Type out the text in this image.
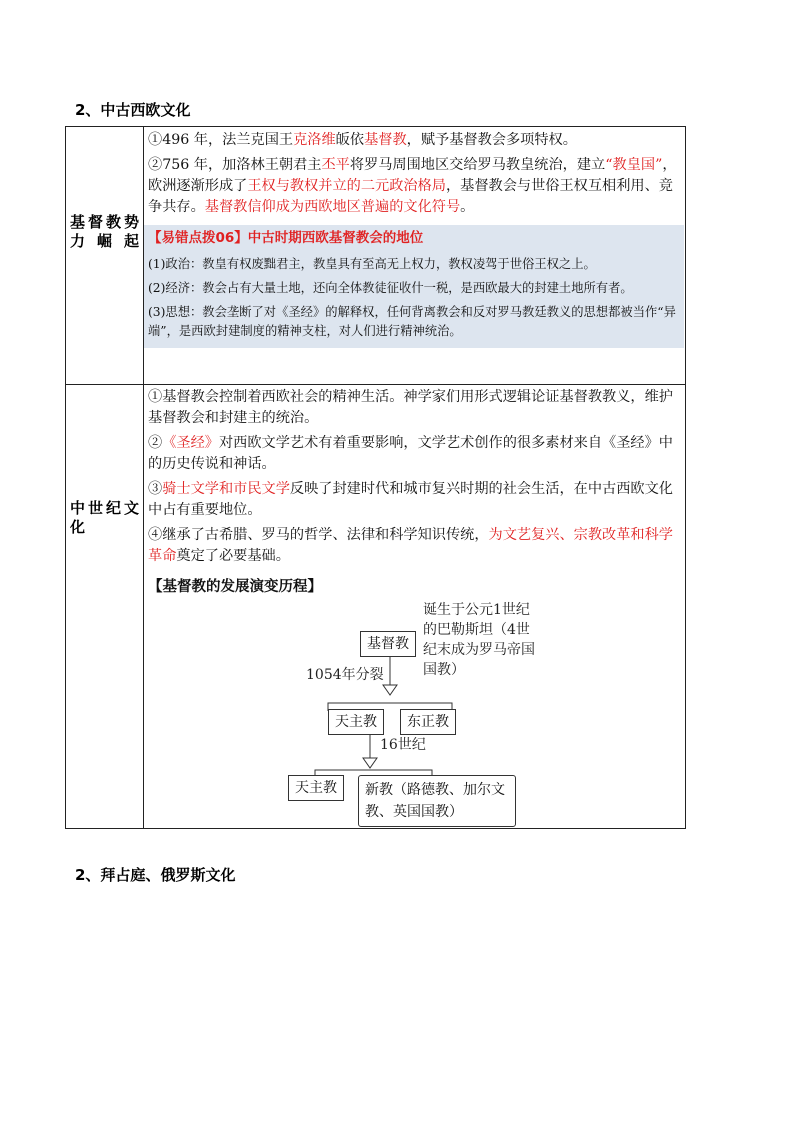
2、中古西欧文化
基督教势力崛起
中世纪文化

①496 年，法兰克国王克洛维皈依基督教，赋予基督教会多项特权。

②756 年，加洛林王朝君主丕平将罗马周围地区交给罗马教皇统治，建立“教皇国”，欧洲逐渐形成了王权与教权并立的二元政治格局，基督教会与世俗王权互相利用、竞争共存。基督教信仰成为西欧地区普遍的文化符号。

【易错点拨06】中古时期西欧基督教会的地位
(1)政治：教皇有权废黜君主，教皇具有至高无上权力，教权凌驾于世俗王权之上。
(2)经济：教会占有大量土地，还向全体教徒征收什一税，是西欧最大的封建土地所有者。
(3)思想：教会垄断了对《圣经》的解释权，任何背离教会和反对罗马教廷教义的思想都被当作“异端”，是西欧封建制度的精神支柱，对人们进行精神统治。

①基督教会控制着西欧社会的精神生活。神学家们用形式逻辑论证基督教教义，维护基督教会和封建主的统治。

②《圣经》对西欧文学艺术有着重要影响，文学艺术创作的很多素材来自《圣经》中的历史传说和神话。

③骑士文学和市民文学反映了封建时代和城市复兴时期的社会生活，在中古西欧文化中占有重要地位。

④继承了古希腊、罗马的哲学、法律和科学知识传统，为文艺复兴、宗教改革和科学革命奠定了必要基础。

【基督教的发展演变历程】
基督教
诞生于公元1世纪的巴勒斯坦（4世纪末成为罗马帝国国教）
1054年分裂
天主教	东正教
16世纪
天主教	新教（路德教、加尔文教、英国国教）
2、拜占庭、俄罗斯文化
